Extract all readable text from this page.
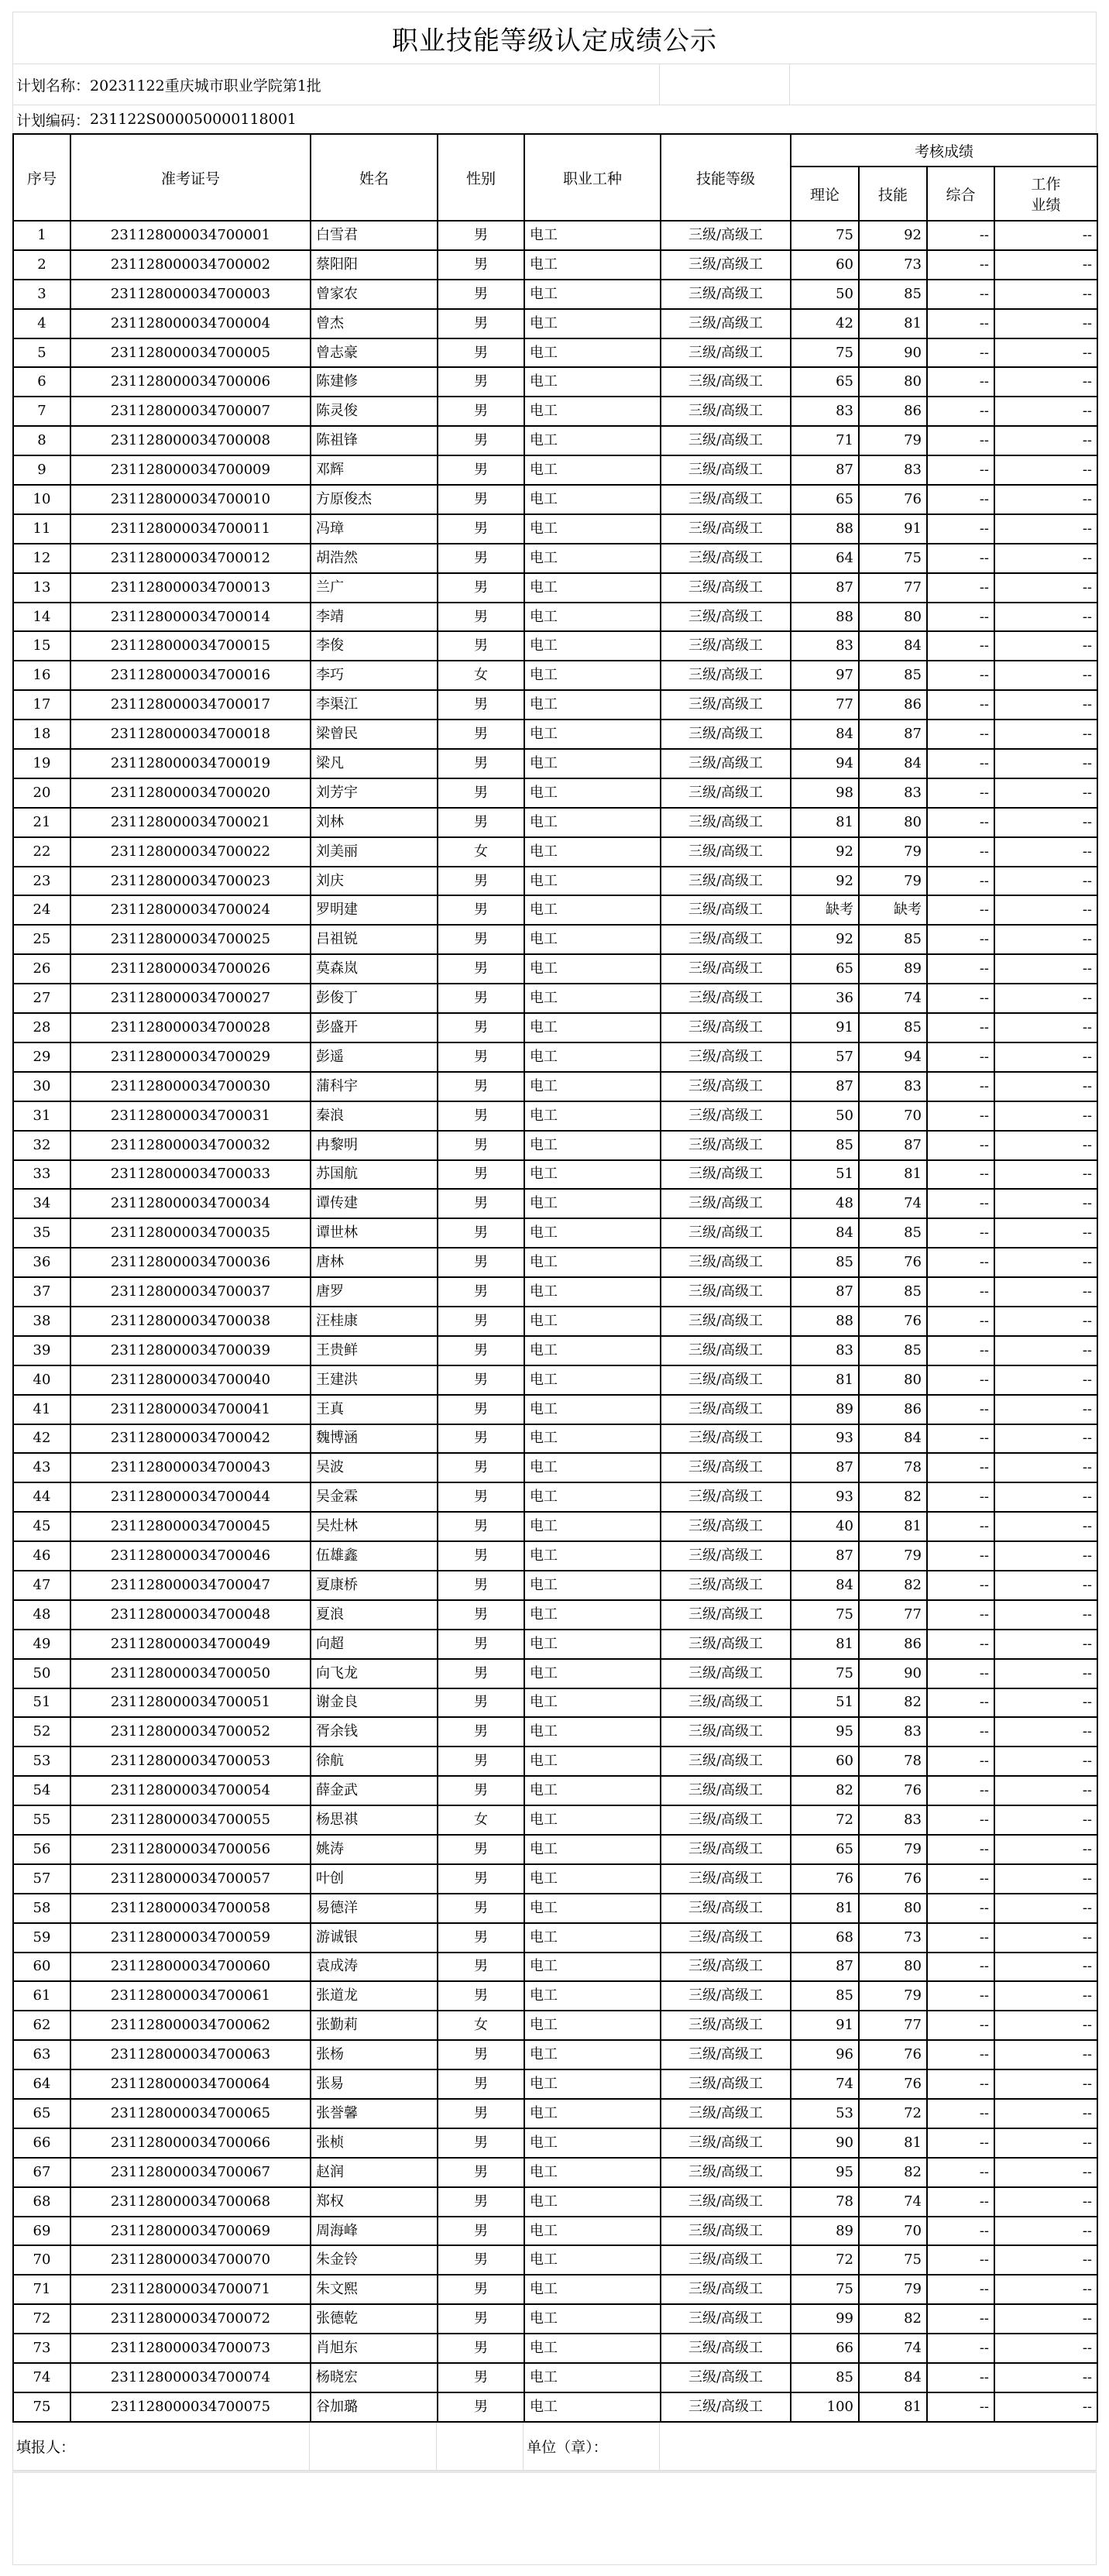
职业技能等级认定成绩公示
计划名称： 20231122重庆城市职业学院第1批
计划编码： 231122S000050000118001
序号	准考证号	姓名	性别	职业工种	技能等级	考核成绩			
						理论	技能	综合	工作
业绩

1	231128000034700001	白雪君	男	电工	三级/高级工	75	92	--	--
2	231128000034700002	蔡阳阳	男	电工	三级/高级工	60	73	--	--
3	231128000034700003	曾家农	男	电工	三级/高级工	50	85	--	--
4	231128000034700004	曾杰	男	电工	三级/高级工	42	81	--	--
5	231128000034700005	曾志豪	男	电工	三级/高级工	75	90	--	--
6	231128000034700006	陈建修	男	电工	三级/高级工	65	80	--	--
7	231128000034700007	陈灵俊	男	电工	三级/高级工	83	86	--	--
8	231128000034700008	陈祖锋	男	电工	三级/高级工	71	79	--	--
9	231128000034700009	邓辉	男	电工	三级/高级工	87	83	--	--
10	231128000034700010	方原俊杰	男	电工	三级/高级工	65	76	--	--
11	231128000034700011	冯璋	男	电工	三级/高级工	88	91	--	--
12	231128000034700012	胡浩然	男	电工	三级/高级工	64	75	--	--
13	231128000034700013	兰广	男	电工	三级/高级工	87	77	--	--
14	231128000034700014	李靖	男	电工	三级/高级工	88	80	--	--
15	231128000034700015	李俊	男	电工	三级/高级工	83	84	--	--
16	231128000034700016	李巧	女	电工	三级/高级工	97	85	--	--
17	231128000034700017	李渠江	男	电工	三级/高级工	77	86	--	--
18	231128000034700018	梁曾民	男	电工	三级/高级工	84	87	--	--
19	231128000034700019	梁凡	男	电工	三级/高级工	94	84	--	--
20	231128000034700020	刘芳宇	男	电工	三级/高级工	98	83	--	--
21	231128000034700021	刘林	男	电工	三级/高级工	81	80	--	--
22	231128000034700022	刘美丽	女	电工	三级/高级工	92	79	--	--
23	231128000034700023	刘庆	男	电工	三级/高级工	92	79	--	--
24	231128000034700024	罗明建	男	电工	三级/高级工	缺考	缺考	--	--
25	231128000034700025	吕祖锐	男	电工	三级/高级工	92	85	--	--
26	231128000034700026	莫森岚	男	电工	三级/高级工	65	89	--	--
27	231128000034700027	彭俊丁	男	电工	三级/高级工	36	74	--	--
28	231128000034700028	彭盛开	男	电工	三级/高级工	91	85	--	--
29	231128000034700029	彭遥	男	电工	三级/高级工	57	94	--	--
30	231128000034700030	蒲科宇	男	电工	三级/高级工	87	83	--	--
31	231128000034700031	秦浪	男	电工	三级/高级工	50	70	--	--
32	231128000034700032	冉黎明	男	电工	三级/高级工	85	87	--	--
33	231128000034700033	苏国航	男	电工	三级/高级工	51	81	--	--
34	231128000034700034	谭传建	男	电工	三级/高级工	48	74	--	--
35	231128000034700035	谭世林	男	电工	三级/高级工	84	85	--	--
36	231128000034700036	唐林	男	电工	三级/高级工	85	76	--	--
37	231128000034700037	唐罗	男	电工	三级/高级工	87	85	--	--
38	231128000034700038	汪桂康	男	电工	三级/高级工	88	76	--	--
39	231128000034700039	王贵鲜	男	电工	三级/高级工	83	85	--	--
40	231128000034700040	王建洪	男	电工	三级/高级工	81	80	--	--
41	231128000034700041	王真	男	电工	三级/高级工	89	86	--	--
42	231128000034700042	魏博涵	男	电工	三级/高级工	93	84	--	--
43	231128000034700043	吴波	男	电工	三级/高级工	87	78	--	--
44	231128000034700044	吴金霖	男	电工	三级/高级工	93	82	--	--
45	231128000034700045	吴灶林	男	电工	三级/高级工	40	81	--	--
46	231128000034700046	伍雄鑫	男	电工	三级/高级工	87	79	--	--
47	231128000034700047	夏康桥	男	电工	三级/高级工	84	82	--	--
48	231128000034700048	夏浪	男	电工	三级/高级工	75	77	--	--
49	231128000034700049	向超	男	电工	三级/高级工	81	86	--	--
50	231128000034700050	向飞龙	男	电工	三级/高级工	75	90	--	--
51	231128000034700051	谢金良	男	电工	三级/高级工	51	82	--	--
52	231128000034700052	胥余钱	男	电工	三级/高级工	95	83	--	--
53	231128000034700053	徐航	男	电工	三级/高级工	60	78	--	--
54	231128000034700054	薛金武	男	电工	三级/高级工	82	76	--	--
55	231128000034700055	杨思祺	女	电工	三级/高级工	72	83	--	--
56	231128000034700056	姚涛	男	电工	三级/高级工	65	79	--	--
57	231128000034700057	叶创	男	电工	三级/高级工	76	76	--	--
58	231128000034700058	易德洋	男	电工	三级/高级工	81	80	--	--
59	231128000034700059	游诚银	男	电工	三级/高级工	68	73	--	--
60	231128000034700060	袁成涛	男	电工	三级/高级工	87	80	--	--
61	231128000034700061	张道龙	男	电工	三级/高级工	85	79	--	--
62	231128000034700062	张勤莉	女	电工	三级/高级工	91	77	--	--
63	231128000034700063	张杨	男	电工	三级/高级工	96	76	--	--
64	231128000034700064	张易	男	电工	三级/高级工	74	76	--	--
65	231128000034700065	张誉馨	男	电工	三级/高级工	53	72	--	--
66	231128000034700066	张桢	男	电工	三级/高级工	90	81	--	--
67	231128000034700067	赵润	男	电工	三级/高级工	95	82	--	--
68	231128000034700068	郑权	男	电工	三级/高级工	78	74	--	--
69	231128000034700069	周海峰	男	电工	三级/高级工	89	70	--	--
70	231128000034700070	朱金铃	男	电工	三级/高级工	72	75	--	--
71	231128000034700071	朱文熙	男	电工	三级/高级工	75	79	--	--
72	231128000034700072	张德乾	男	电工	三级/高级工	99	82	--	--
73	231128000034700073	肖旭东	男	电工	三级/高级工	66	74	--	--
74	231128000034700074	杨晓宏	男	电工	三级/高级工	85	84	--	--
75	231128000034700075	谷加璐	男	电工	三级/高级工	100	81	--	--
填报人：	单位（章）：
